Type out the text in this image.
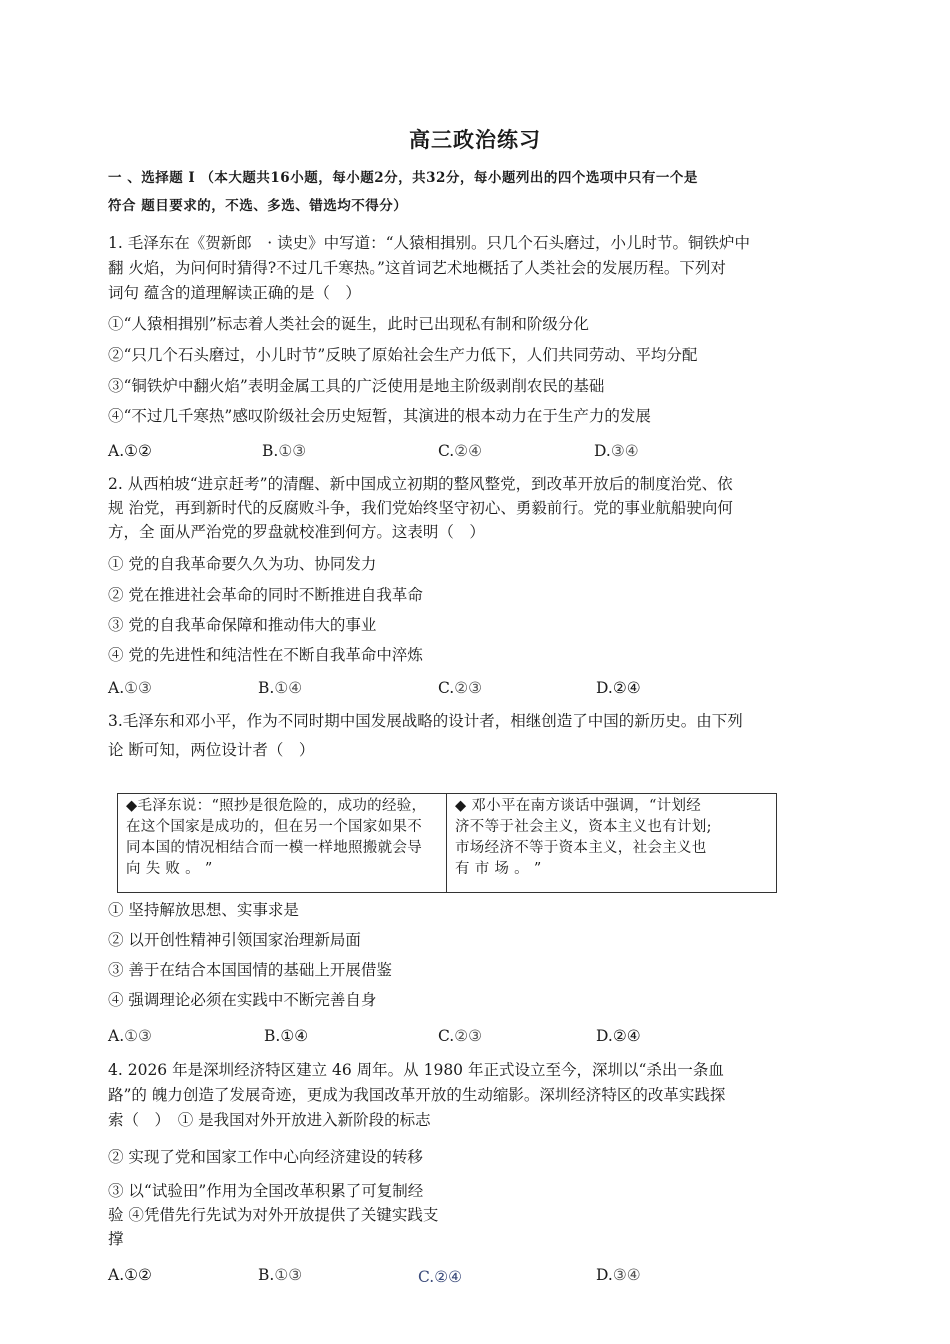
高三政治练习
一 、选择题 I （本大题共16小题，每小题2分，共32分，每小题列出的四个选项中只有一个是
符合 题目要求的，不选、多选、错选均不得分）
1. 毛泽东在《贺新郎　· 读史》中写道：“人猿相揖别。只几个石头磨过，小儿时节。铜铁炉中
翻 火焰，为问何时猜得?不过几千寒热。”这首词艺术地概括了人类社会的发展历程。下列对
词句 蕴含的道理解读正确的是（　）
①“人猿相揖别”标志着人类社会的诞生，此时已出现私有制和阶级分化
②“只几个石头磨过，小儿时节”反映了原始社会生产力低下，人们共同劳动、平均分配
③“铜铁炉中翻火焰”表明金属工具的广泛使用是地主阶级剥削农民的基础
④“不过几千寒热”感叹阶级社会历史短暂，其演进的根本动力在于生产力的发展
A.①②	B.①③	C.②④	D.③④
2. 从西柏坡“进京赶考”的清醒、新中国成立初期的整风整党，到改革开放后的制度治党、依
规 治党，再到新时代的反腐败斗争，我们党始终坚守初心、勇毅前行。党的事业航船驶向何
方，全 面从严治党的罗盘就校准到何方。这表明（　）
① 党的自我革命要久久为功、协同发力
② 党在推进社会革命的同时不断推进自我革命
③ 党的自我革命保障和推动伟大的事业
④ 党的先进性和纯洁性在不断自我革命中淬炼
A.①③	B.①④	C.②③	D.②④
3.毛泽东和邓小平，作为不同时期中国发展战略的设计者，相继创造了中国的新历史。由下列
论 断可知，两位设计者（　）
◆毛泽东说：“照抄是很危险的，成功的经验，
在这个国家是成功的，但在另一个国家如果不
同本国的情况相结合而一模一样地照搬就会导
向 失 败 。 ”
◆ 邓小平在南方谈话中强调，“计划经
济不等于社会主义，资本主义也有计划;
市场经济不等于资本主义，社会主义也
有 市 场 。 ”
① 坚持解放思想、实事求是
② 以开创性精神引领国家治理新局面
③ 善于在结合本国国情的基础上开展借鉴
④ 强调理论必须在实践中不断完善自身
A.①③	B.①④	C.②③	D.②④
4. 2026 年是深圳经济特区建立 46 周年。从 1980 年正式设立至今，深圳以“杀出一条血
路”的 魄力创造了发展奇迹，更成为我国改革开放的生动缩影。深圳经济特区的改革实践探
索（　）　① 是我国对外开放进入新阶段的标志
② 实现了党和国家工作中心向经济建设的转移
③ 以“试验田”作用为全国改革积累了可复制经
验 ④凭借先行先试为对外开放提供了关键实践支
撑
A.①②	B.①③	C.②④	D.③④
